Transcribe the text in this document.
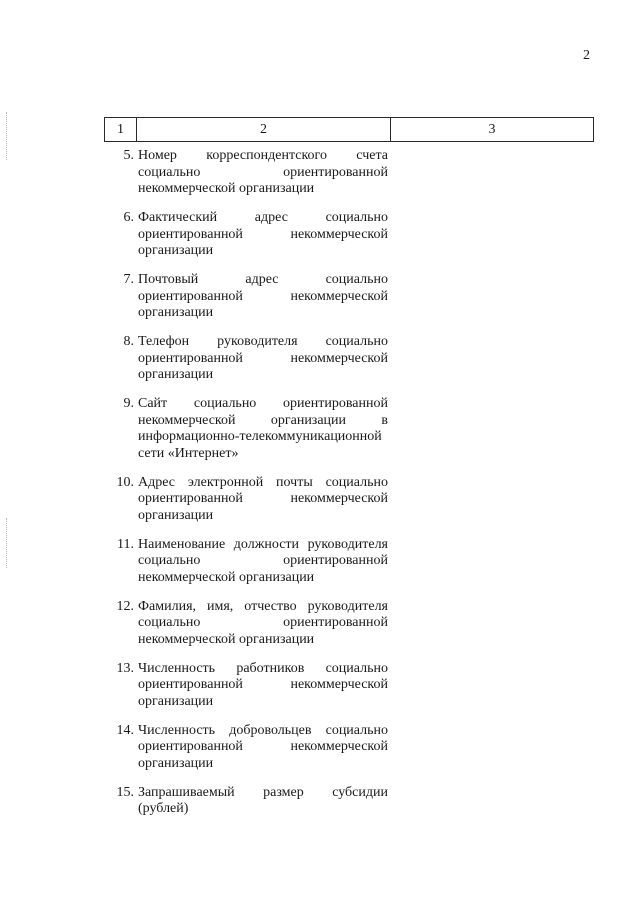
2
1	2	3
5. Номер корреспондентского счета социально ориентированной некоммерческой организации
6. Фактический адрес социально ориентированной некоммерческой организации
7. Почтовый адрес социально ориентированной некоммерческой организации
8. Телефон руководителя социально ориентированной некоммерческой организации
9. Сайт социально ориентированной некоммерческой организации в информационно-телекоммуникационной сети «Интернет»
10. Адрес электронной почты социально ориентированной некоммерческой организации
11. Наименование должности руководителя социально ориентированной некоммерческой организации
12. Фамилия, имя, отчество руководителя социально ориентированной некоммерческой организации
13. Численность работников социально ориентированной некоммерческой организации
14. Численность добровольцев социально ориентированной некоммерческой организации
15. Запрашиваемый размер субсидии (рублей)
